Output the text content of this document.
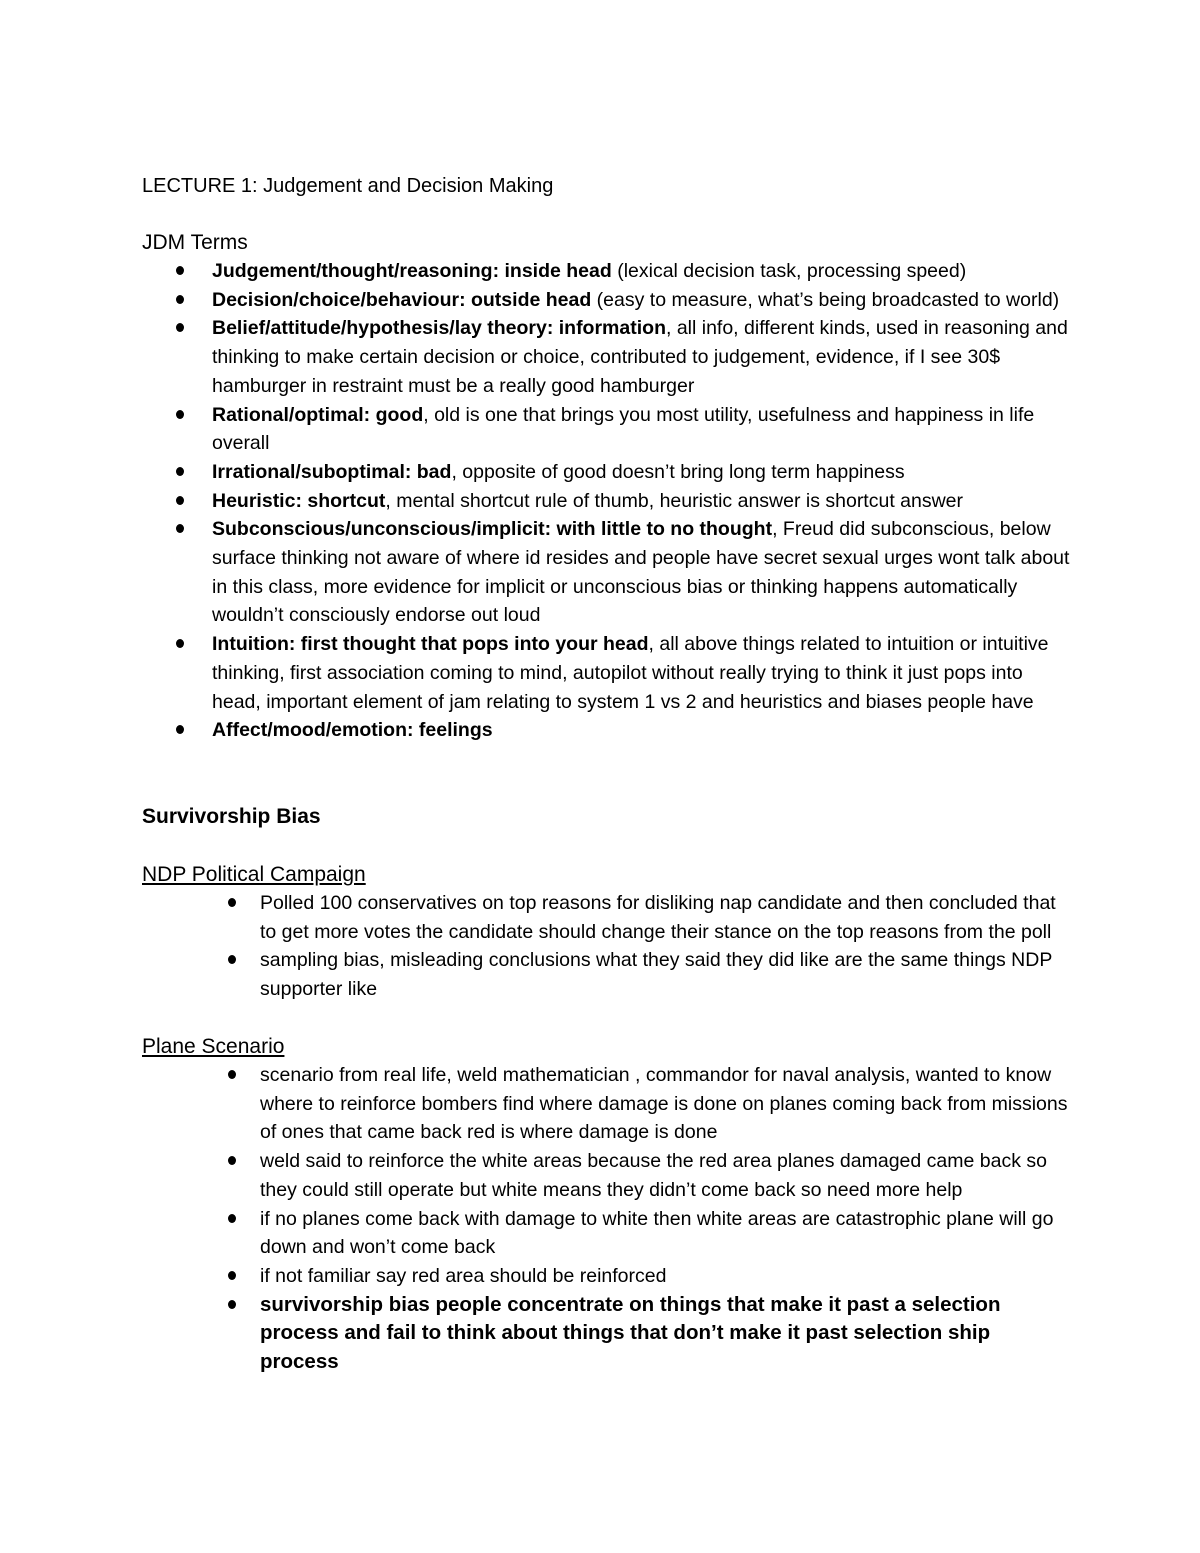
LECTURE 1: Judgement and Decision Making
JDM Terms
Judgement/thought/reasoning: inside head (lexical decision task, processing speed)
Decision/choice/behaviour: outside head (easy to measure, what’s being broadcasted to world)
Belief/attitude/hypothesis/lay theory: information, all info, different kinds, used in reasoning and thinking to make certain decision or choice, contributed to judgement, evidence, if I see 30$ hamburger in restraint must be a really good hamburger
Rational/optimal: good, old is one that brings you most utility, usefulness and happiness in life overall
Irrational/suboptimal: bad, opposite of good doesn’t bring long term happiness
Heuristic: shortcut, mental shortcut rule of thumb, heuristic answer is shortcut answer
Subconscious/unconscious/implicit: with little to no thought, Freud did subconscious, below surface thinking not aware of where id resides and people have secret sexual urges wont talk about in this class, more evidence for implicit or unconscious bias or thinking happens automatically wouldn’t consciously endorse out loud
Intuition: first thought that pops into your head, all above things related to intuition or intuitive thinking, first association coming to mind, autopilot without really trying to think it just pops into head, important element of jam relating to system 1 vs 2 and heuristics and biases people have
Affect/mood/emotion: feelings
Survivorship Bias
NDP Political Campaign
Polled 100 conservatives on top reasons for disliking nap candidate and then concluded that to get more votes the candidate should change their stance on the top reasons from the poll
sampling bias, misleading conclusions what they said they did like are the same things NDP supporter like
Plane Scenario
scenario from real life, weld mathematician , commandor for naval analysis, wanted to know where to reinforce bombers find where damage is done on planes coming back from missions of ones that came back red is where damage is done
weld said to reinforce the white areas because the red area planes damaged came back so they could still operate but white means they didn’t come back so need more help
if no planes come back with damage to white then white areas are catastrophic plane will go down and won’t come back
if not familiar say red area should be reinforced
survivorship bias people concentrate on things that make it past a selection process and fail to think about things that don’t make it past selection ship process
